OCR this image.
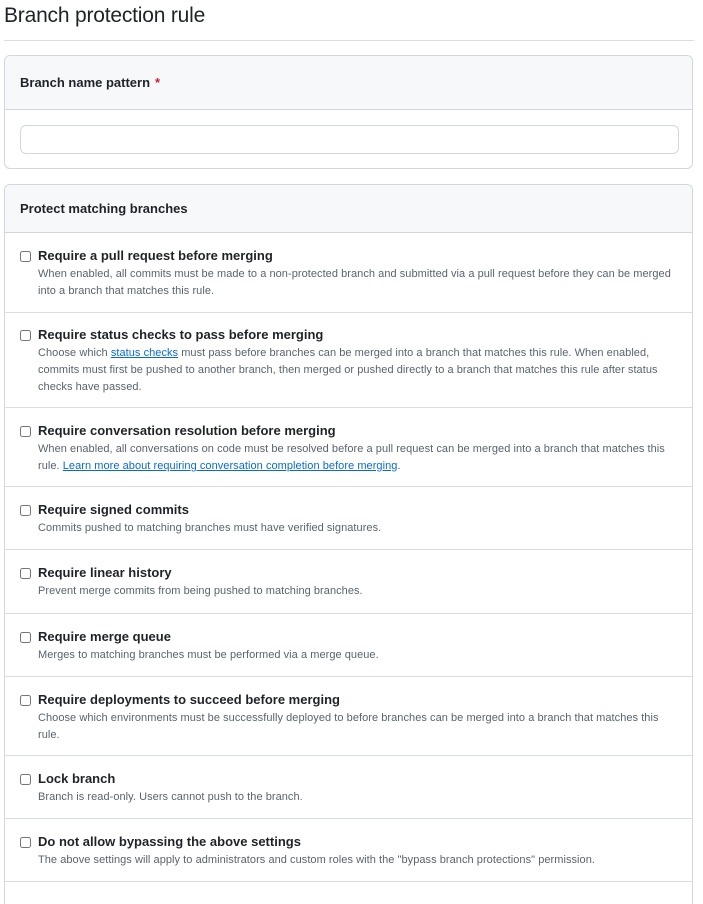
Branch protection rule
Branch name pattern *
Protect matching branches
Require a pull request before merging
When enabled, all commits must be made to a non-protected branch and submitted via a pull request before they can be merged into a branch that matches this rule.
Require status checks to pass before merging
Choose which status checks must pass before branches can be merged into a branch that matches this rule. When enabled, commits must first be pushed to another branch, then merged or pushed directly to a branch that matches this rule after status checks have passed.
Require conversation resolution before merging
When enabled, all conversations on code must be resolved before a pull request can be merged into a branch that matches this rule. Learn more about requiring conversation completion before merging.
Require signed commits
Commits pushed to matching branches must have verified signatures.
Require linear history
Prevent merge commits from being pushed to matching branches.
Require merge queue
Merges to matching branches must be performed via a merge queue.
Require deployments to succeed before merging
Choose which environments must be successfully deployed to before branches can be merged into a branch that matches this rule.
Lock branch
Branch is read-only. Users cannot push to the branch.
Do not allow bypassing the above settings
The above settings will apply to administrators and custom roles with the "bypass branch protections" permission.
